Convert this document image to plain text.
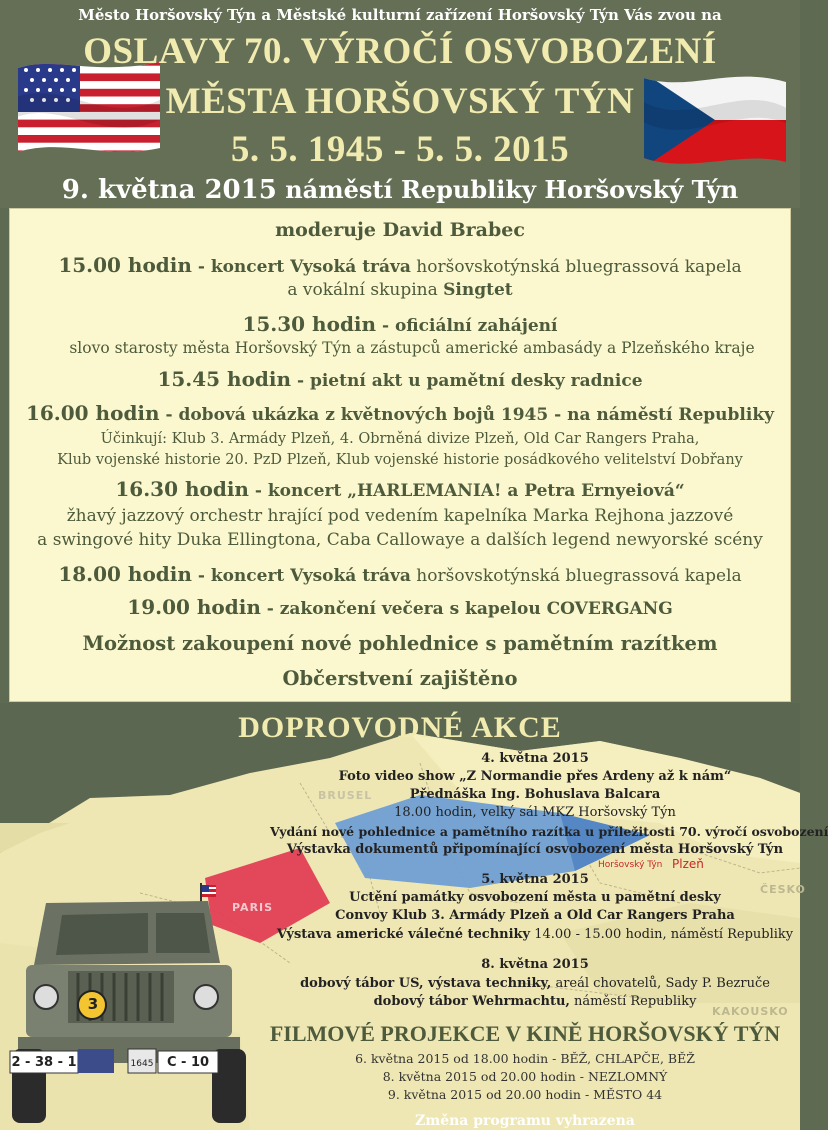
Město Horšovský Týn a Městské kulturní zařízení Horšovský Týn Vás zvou na
OSLAVY 70. VÝROČÍ OSVOBOZENÍ
MĚSTA HORŠOVSKÝ TÝN
5. 5. 1945 - 5. 5. 2015
9. května 2015 náměstí Republiky Horšovský Týn
moderuje David Brabec
15.00 hodin - koncert Vysoká tráva horšovskotýnská bluegrassová kapela
a vokální skupina Singtet
15.30 hodin - oficiální zahájení
slovo starosty města Horšovský Týn a zástupců americké ambasády a Plzeňského kraje
15.45 hodin - pietní akt u pamětní desky radnice
16.00 hodin - dobová ukázka z květnových bojů 1945 - na náměstí Republiky
Účinkují: Klub 3. Armády Plzeň, 4. Obrněná divize Plzeň, Old Car Rangers Praha,
Klub vojenské historie 20. PzD Plzeň, Klub vojenské historie posádkového velitelství Dobřany
16.30 hodin - koncert „HARLEMANIA! a Petra Ernyeiová“
žhavý jazzový orchestr hrající pod vedením kapelníka Marka Rejhona jazzové
a swingové hity Duka Ellingtona, Caba Callowaye a dalších legend newyorské scény
18.00 hodin - koncert Vysoká tráva horšovskotýnská bluegrassová kapela
19.00 hodin - zakončení večera s kapelou COVERGANG
Možnost zakoupení nové pohlednice s pamětním razítkem
Občerstvení zajištěno
BRUSEL
PARIS
ČESKO
KAKOUSKO
Horšovský Týn Plzeň
3
2 - 38 - 1	C - 10
1645
DOPROVODNÉ AKCE
4. května 2015
Foto video show „Z Normandie přes Ardeny až k nám“
Přednáška Ing. Bohuslava Balcara
18.00 hodin, velký sál MKZ Horšovský Týn
Vydání nové pohlednice a pamětního razítka u příležitosti 70. výročí osvobození
Výstavka dokumentů připomínající osvobození města Horšovský Týn
5. května 2015
Uctění památky osvobození města u pamětní desky
Convoy Klub 3. Armády Plzeň a Old Car Rangers Praha
Výstava americké válečné techniky 14.00 - 15.00 hodin, náměstí Republiky
8. května 2015
dobový tábor US, výstava techniky, areál chovatelů, Sady P. Bezruče
dobový tábor Wehrmachtu, náměstí Republiky
FILMOVÉ PROJEKCE V KINĚ HORŠOVSKÝ TÝN
6. května 2015 od 18.00 hodin - BĚŽ, CHLAPČE, BĚŽ
8. května 2015 od 20.00 hodin - NEZLOMNÝ
9. května 2015 od 20.00 hodin - MĚSTO 44
Změna programu vyhrazena
